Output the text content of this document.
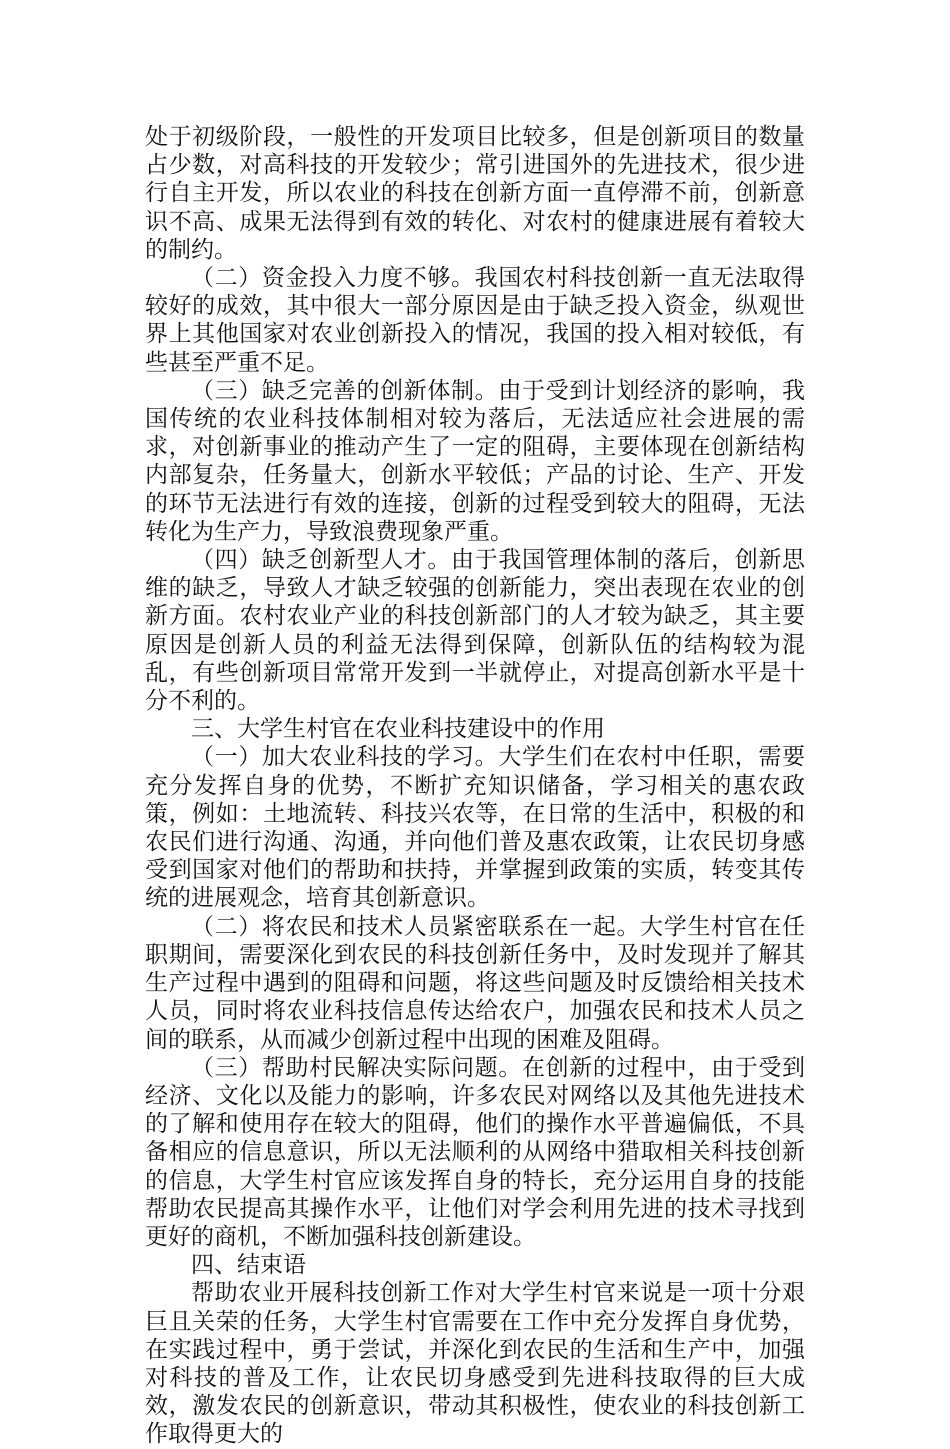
处于初级阶段，一般性的开发项目比较多，但是创新项目的数量占少数，对高科技的开发较少；常引进国外的先进技术，很少进行自主开发，所以农业的科技在创新方面一直停滞不前，创新意识不高、成果无法得到有效的转化、对农村的健康进展有着较大的制约。

（二）资金投入力度不够。我国农村科技创新一直无法取得较好的成效，其中很大一部分原因是由于缺乏投入资金，纵观世界上其他国家对农业创新投入的情况，我国的投入相对较低，有些甚至严重不足。

（三）缺乏完善的创新体制。由于受到计划经济的影响，我国传统的农业科技体制相对较为落后，无法适应社会进展的需求，对创新事业的推动产生了一定的阻碍，主要体现在创新结构内部复杂，任务量大，创新水平较低；产品的讨论、生产、开发的环节无法进行有效的连接，创新的过程受到较大的阻碍，无法转化为生产力，导致浪费现象严重。

（四）缺乏创新型人才。由于我国管理体制的落后，创新思维的缺乏，导致人才缺乏较强的创新能力，突出表现在农业的创新方面。农村农业产业的科技创新部门的人才较为缺乏，其主要原因是创新人员的利益无法得到保障，创新队伍的结构较为混乱，有些创新项目常常开发到一半就停止，对提高创新水平是十分不利的。

三、大学生村官在农业科技建设中的作用

（一）加大农业科技的学习。大学生们在农村中任职，需要充分发挥自身的优势，不断扩充知识储备，学习相关的惠农政策，例如：土地流转、科技兴农等，在日常的生活中，积极的和农民们进行沟通、沟通，并向他们普及惠农政策，让农民切身感受到国家对他们的帮助和扶持，并掌握到政策的实质，转变其传统的进展观念，培育其创新意识。

（二）将农民和技术人员紧密联系在一起。大学生村官在任职期间，需要深化到农民的科技创新任务中，及时发现并了解其生产过程中遇到的阻碍和问题，将这些问题及时反馈给相关技术人员，同时将农业科技信息传达给农户，加强农民和技术人员之间的联系，从而减少创新过程中出现的困难及阻碍。

（三）帮助村民解决实际问题。在创新的过程中，由于受到经济、文化以及能力的影响，许多农民对网络以及其他先进技术的了解和使用存在较大的阻碍，他们的操作水平普遍偏低，不具备相应的信息意识，所以无法顺利的从网络中猎取相关科技创新的信息，大学生村官应该发挥自身的特长，充分运用自身的技能帮助农民提高其操作水平，让他们对学会利用先进的技术寻找到更好的商机，不断加强科技创新建设。

四、结束语

帮助农业开展科技创新工作对大学生村官来说是一项十分艰巨且关荣的任务，大学生村官需要在工作中充分发挥自身优势，在实践过程中，勇于尝试，并深化到农民的生活和生产中，加强对科技的普及工作，让农民切身感受到先进科技取得的巨大成效，激发农民的创新意识，带动其积极性，使农业的科技创新工作取得更大的
